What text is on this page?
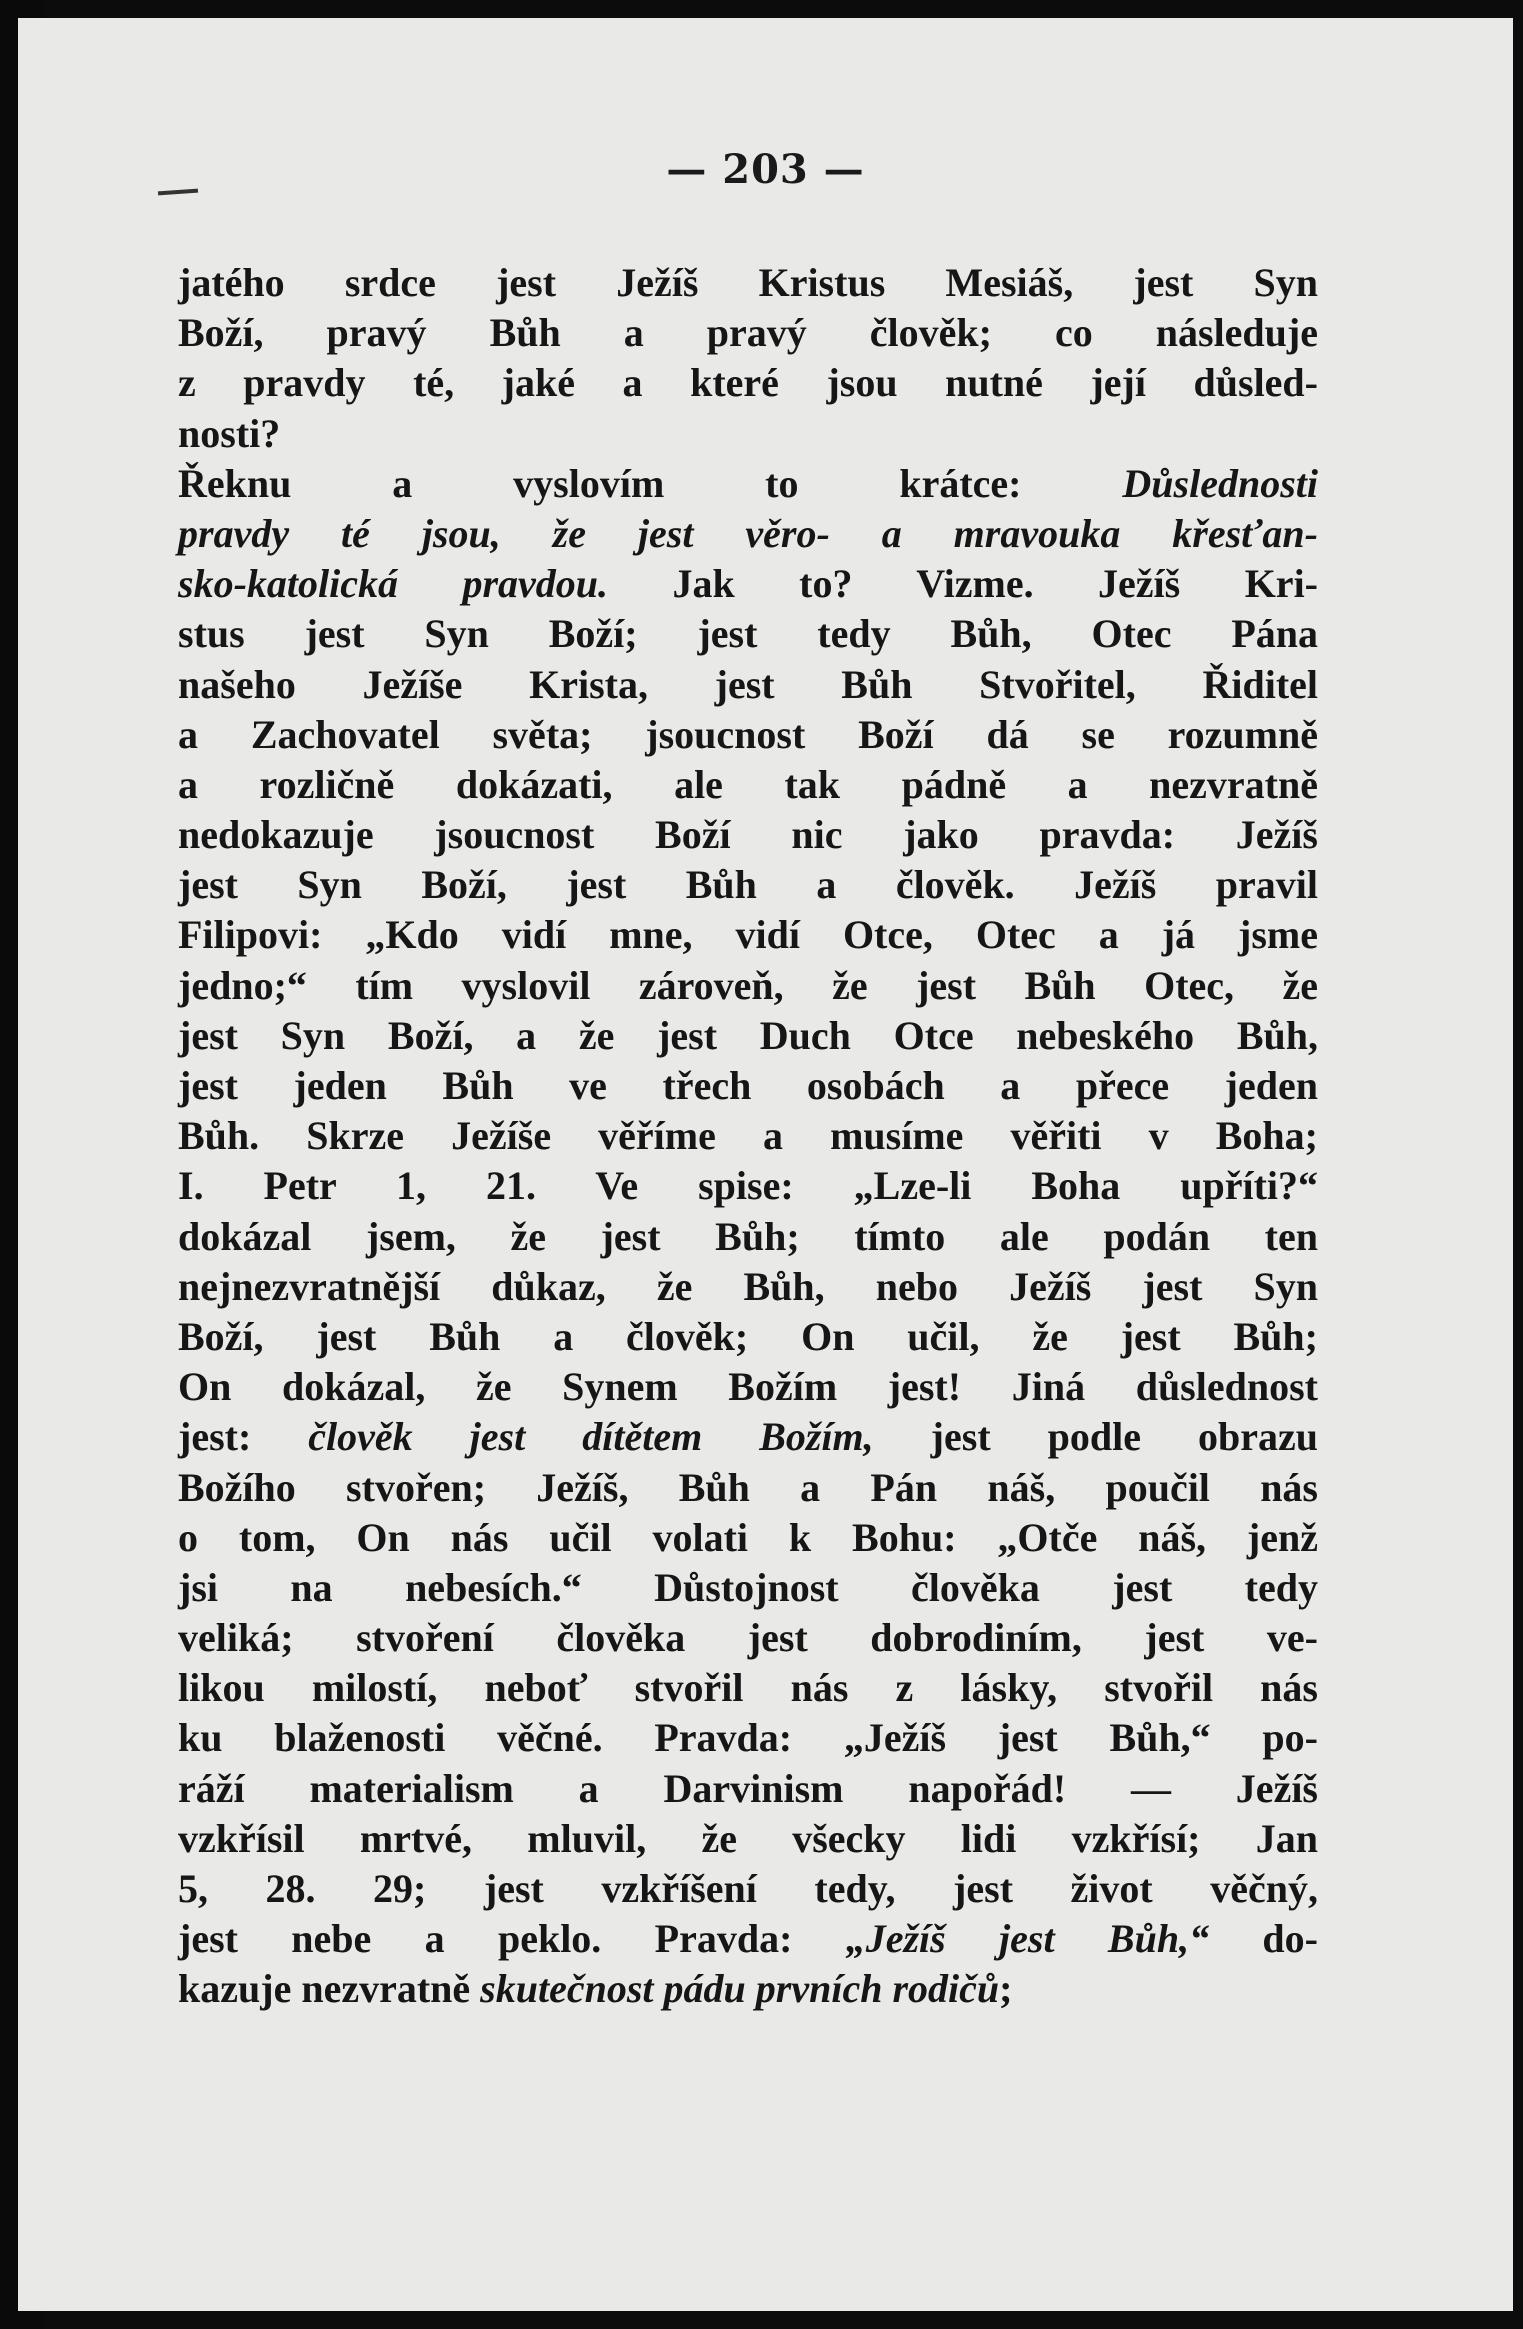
— 203 —
jatého srdce jest Ježíš Kristus Mesiáš, jest Syn
Boží, pravý Bůh a pravý člověk; co následuje
z pravdy té, jaké a které jsou nutné její důsled-
nosti?
Řeknu a vyslovím to krátce: Důslednosti
pravdy té jsou, že jest věro- a mravouka křesťan-
sko-katolická pravdou. Jak to? Vizme. Ježíš Kri-
stus jest Syn Boží; jest tedy Bůh, Otec Pána
našeho Ježíše Krista, jest Bůh Stvořitel, Řiditel
a Zachovatel světa; jsoucnost Boží dá se rozumně
a rozličně dokázati, ale tak pádně a nezvratně
nedokazuje jsoucnost Boží nic jako pravda: Ježíš
jest Syn Boží, jest Bůh a člověk. Ježíš pravil
Filipovi: „Kdo vidí mne, vidí Otce, Otec a já jsme
jedno;“ tím vyslovil zároveň, že jest Bůh Otec, že
jest Syn Boží, a že jest Duch Otce nebeského Bůh,
jest jeden Bůh ve třech osobách a přece jeden
Bůh. Skrze Ježíše věříme a musíme věřiti v Boha;
I. Petr 1, 21. Ve spise: „Lze-li Boha upříti?“
dokázal jsem, že jest Bůh; tímto ale podán ten
nejnezvratnější důkaz, že Bůh, nebo Ježíš jest Syn
Boží, jest Bůh a člověk; On učil, že jest Bůh;
On dokázal, že Synem Božím jest! Jiná důslednost
jest: člověk jest dítětem Božím, jest podle obrazu
Božího stvořen; Ježíš, Bůh a Pán náš, poučil nás
o tom, On nás učil volati k Bohu: „Otče náš, jenž
jsi na nebesích.“ Důstojnost člověka jest tedy
veliká; stvoření člověka jest dobrodiním, jest ve-
likou milostí, neboť stvořil nás z lásky, stvořil nás
ku blaženosti věčné. Pravda: „Ježíš jest Bůh,“ po-
ráží materialism a Darvinism napořád! — Ježíš
vzkřísil mrtvé, mluvil, že všecky lidi vzkřísí; Jan
5, 28. 29; jest vzkříšení tedy, jest život věčný,
jest nebe a peklo. Pravda: „Ježíš jest Bůh,“ do-
kazuje nezvratně skutečnost pádu prvních rodičů;
